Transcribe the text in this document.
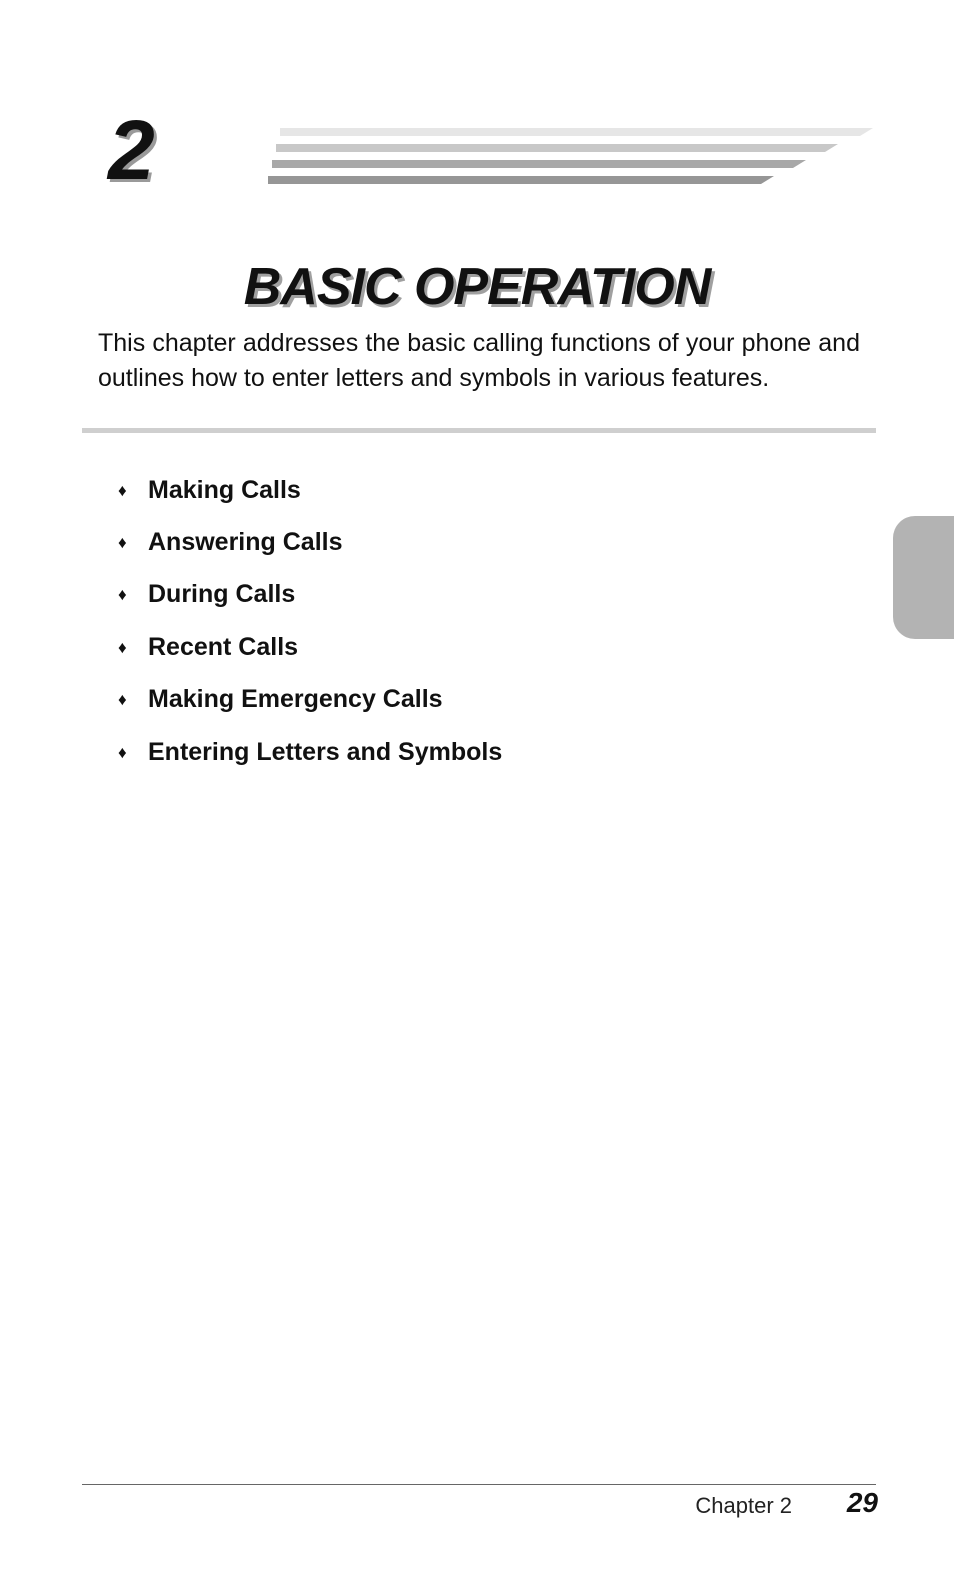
2
BASIC OPERATION

This chapter addresses the basic calling functions of your phone and outlines how to enter letters and symbols in various features.

♦ Making Calls
♦ Answering Calls
♦ During Calls
♦ Recent Calls
♦ Making Emergency Calls
♦ Entering Letters and Symbols
Chapter 2	29
